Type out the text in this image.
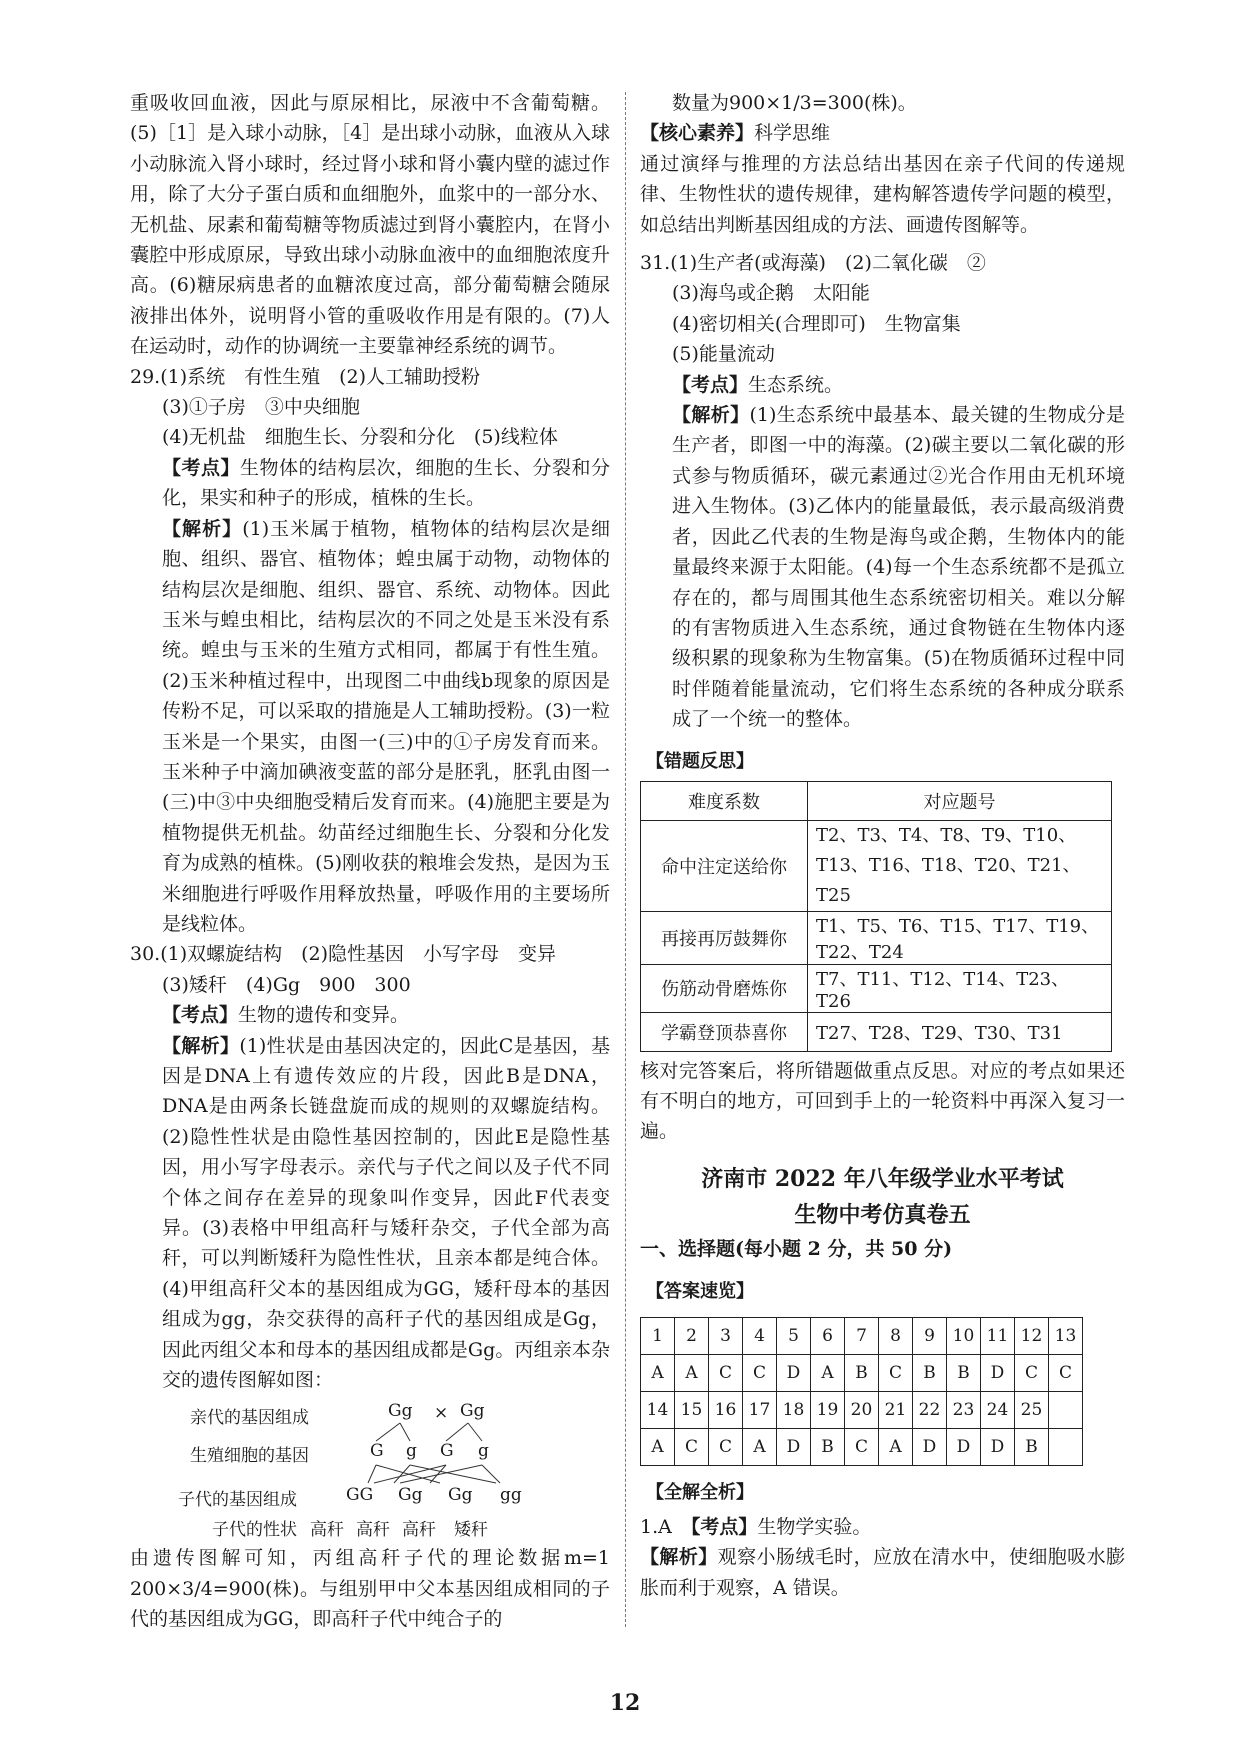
重吸收回血液，因此与原尿相比，尿液中不含葡萄糖。(5)［1］是入球小动脉，［4］是出球小动脉，血液从入球小动脉流入肾小球时，经过肾小球和肾小囊内壁的滤过作用，除了大分子蛋白质和血细胞外，血浆中的一部分水、无机盐、尿素和葡萄糖等物质滤过到肾小囊腔内，在肾小囊腔中形成原尿，导致出球小动脉血液中的血细胞浓度升高。(6)糖尿病患者的血糖浓度过高，部分葡萄糖会随尿液排出体外，说明肾小管的重吸收作用是有限的。(7)人在运动时，动作的协调统一主要靠神经系统的调节。

29.(1)系统　有性生殖　(2)人工辅助授粉

(3)①子房　③中央细胞

(4)无机盐　细胞生长、分裂和分化　(5)线粒体

【考点】生物体的结构层次，细胞的生长、分裂和分化，果实和种子的形成，植株的生长。

【解析】(1)玉米属于植物，植物体的结构层次是细胞、组织、器官、植物体；蝗虫属于动物，动物体的结构层次是细胞、组织、器官、系统、动物体。因此玉米与蝗虫相比，结构层次的不同之处是玉米没有系统。蝗虫与玉米的生殖方式相同，都属于有性生殖。(2)玉米种植过程中，出现图二中曲线b现象的原因是传粉不足，可以采取的措施是人工辅助授粉。(3)一粒玉米是一个果实，由图一(三)中的①子房发育而来。玉米种子中滴加碘液变蓝的部分是胚乳，胚乳由图一(三)中③中央细胞受精后发育而来。(4)施肥主要是为植物提供无机盐。幼苗经过细胞生长、分裂和分化发育为成熟的植株。(5)刚收获的粮堆会发热，是因为玉米细胞进行呼吸作用释放热量，呼吸作用的主要场所是线粒体。

30.(1)双螺旋结构　(2)隐性基因　小写字母　变异

(3)矮秆　(4)Gg　900　300

【考点】生物的遗传和变异。

【解析】(1)性状是由基因决定的，因此C是基因，基因是DNA上有遗传效应的片段，因此B是DNA，DNA是由两条长链盘旋而成的规则的双螺旋结构。(2)隐性性状是由隐性基因控制的，因此E是隐性基因，用小写字母表示。亲代与子代之间以及子代不同个体之间存在差异的现象叫作变异，因此F代表变异。(3)表格中甲组高秆与矮秆杂交，子代全部为高秆，可以判断矮秆为隐性性状，且亲本都是纯合体。(4)甲组高秆父本的基因组成为GG，矮秆母本的基因组成为gg，杂交获得的高秆子代的基因组成是Gg，因此丙组父本和母本的基因组成都是Gg。丙组亲本杂交的遗传图解如图：

亲代的基因组成	Gg × Gg
生殖细胞的基因	G g G g
子代的基因组成	GG Gg Gg gg
子代的性状 高秆 高秆 高秆 矮秆

由遗传图解可知，丙组高秆子代的理论数据m=1 200×3/4=900(株)。与组别甲中父本基因组成相同的子代的基因组成为GG，即高秆子代中纯合子的

数量为900×1/3=300(株)。

【核心素养】科学思维

通过演绎与推理的方法总结出基因在亲子代间的传递规律、生物性状的遗传规律，建构解答遗传学问题的模型，如总结出判断基因组成的方法、画遗传图解等。

31.(1)生产者(或海藻)　(2)二氧化碳　②

(3)海鸟或企鹅　太阳能

(4)密切相关(合理即可)　生物富集

(5)能量流动

【考点】生态系统。

【解析】(1)生态系统中最基本、最关键的生物成分是生产者，即图一中的海藻。(2)碳主要以二氧化碳的形式参与物质循环，碳元素通过②光合作用由无机环境进入生物体。(3)乙体内的能量最低，表示最高级消费者，因此乙代表的生物是海鸟或企鹅，生物体内的能量最终来源于太阳能。(4)每一个生态系统都不是孤立存在的，都与周围其他生态系统密切相关。难以分解的有害物质进入生态系统，通过食物链在生物体内逐级积累的现象称为生物富集。(5)在物质循环过程中同时伴随着能量流动，它们将生态系统的各种成分联系成了一个统一的整体。

【错题反思】
难度系数	对应题号
命中注定送给你	T2、T3、T4、T8、T9、T10、T13、T16、T18、T20、T21、T25
再接再厉鼓舞你	T1、T5、T6、T15、T17、T19、T22、T24
伤筋动骨磨炼你	T7、T11、T12、T14、T23、T26
学霸登顶恭喜你	T27、T28、T29、T30、T31

核对完答案后，将所错题做重点反思。对应的考点如果还有不明白的地方，可回到手上的一轮资料中再深入复习一遍。

济南市 2022 年八年级学业水平考试

生物中考仿真卷五

一、选择题(每小题 2 分，共 50 分)

【答案速览】
1	2	3	4	5	6	7	8	9	10	11	12	13
A	A	C	C	D	A	B	C	B	B	D	C	C
14	15	16	17	18	19	20	21	22	23	24	25	
A	C	C	A	D	B	C	A	D	D	D	B	
【全解全析】

1.A　 【考点】生物学实验。

【解析】观察小肠绒毛时，应放在清水中，使细胞吸水膨胀而利于观察，A 错误。

12
